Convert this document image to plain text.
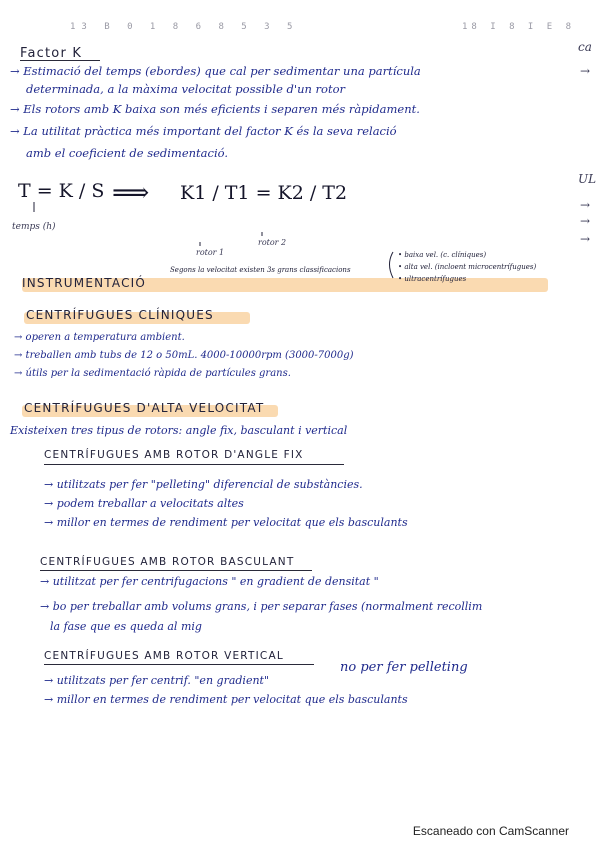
13 B 0 1 8 6 8 5 3 5	18 I 8 I E 8
Factor K
→ Estimació del temps (ebordes) que cal per sedimentar una partícula
determinada, a la màxima velocitat possible d'un rotor
→ Els rotors amb K baixa son més eficients i separen més ràpidament.
→ La utilitat pràctica més important del factor K és la seva relació
amb el coeficient de sedimentació.
T = K / S ⟹ K1 / T1 = K2 / T2
temps (h)
rotor 1
rotor 2
INSTRUMENTACIÓ
Segons la velocitat existen 3s grans classificacions
• baixa vel. (c. clíniques)
• alta vel. (incloent microcentrífugues)
• ultracentrífugues
CENTRÍFUGUES CLÍNIQUES
→ operen a temperatura ambient.
→ treballen amb tubs de 12 o 50mL. 4000-10000rpm (3000-7000g)
→ útils per la sedimentació ràpida de partícules grans.
CENTRÍFUGUES D'ALTA VELOCITAT
Existeixen tres tipus de rotors: angle fix, basculant i vertical
CENTRÍFUGUES AMB ROTOR D'ANGLE FIX
→ utilitzats per fer "pelleting" diferencial de substàncies.
→ podem treballar a velocitats altes
→ millor en termes de rendiment per velocitat que els basculants
CENTRÍFUGUES AMB ROTOR BASCULANT
→ utilitzat per fer centrifugacions " en gradient de densitat "
→ bo per treballar amb volums grans, i per separar fases (normalment recollim
la fase que es queda al mig
CENTRÍFUGUES AMB ROTOR VERTICAL
no per fer pelleting
→ utilitzats per fer centrif. "en gradient"
→ millor en termes de rendiment per velocitat que els basculants
ca
→
UL
→
→
→
Escaneado con CamScanner
